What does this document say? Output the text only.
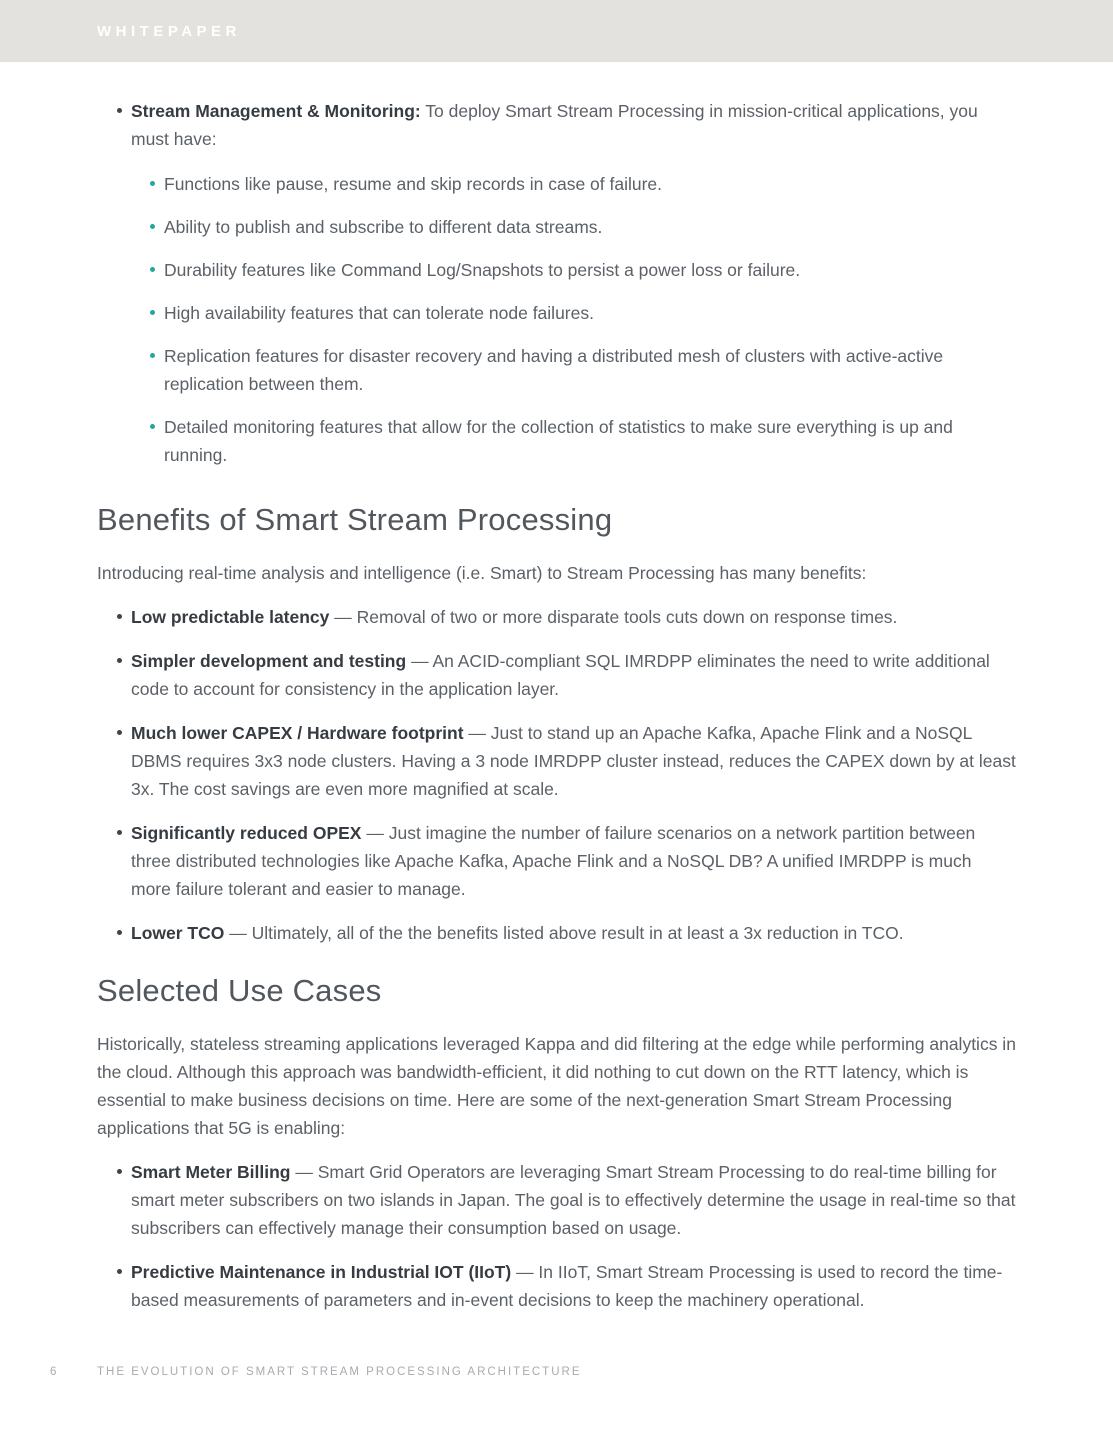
WHITEPAPER

Stream Management & Monitoring: To deploy Smart Stream Processing in mission-critical applications, you must have:

Functions like pause, resume and skip records in case of failure.
Ability to publish and subscribe to different data streams.
Durability features like Command Log/Snapshots to persist a power loss or failure.
High availability features that can tolerate node failures.
Replication features for disaster recovery and having a distributed mesh of clusters with active-active replication between them.
Detailed monitoring features that allow for the collection of statistics to make sure everything is up and running.
Benefits of Smart Stream Processing

Introducing real-time analysis and intelligence (i.e. Smart) to Stream Processing has many benefits:

Low predictable latency — Removal of two or more disparate tools cuts down on response times.
Simpler development and testing — An ACID-compliant SQL IMRDPP eliminates the need to write additional code to account for consistency in the application layer.
Much lower CAPEX / Hardware footprint — Just to stand up an Apache Kafka, Apache Flink and a NoSQL DBMS requires 3x3 node clusters. Having a 3 node IMRDPP cluster instead, reduces the CAPEX down by at least 3x. The cost savings are even more magnified at scale.
Significantly reduced OPEX — Just imagine the number of failure scenarios on a network partition between three distributed technologies like Apache Kafka, Apache Flink and a NoSQL DB? A unified IMRDPP is much more failure tolerant and easier to manage.
Lower TCO — Ultimately, all of the the benefits listed above result in at least a 3x reduction in TCO.
Selected Use Cases

Historically, stateless streaming applications leveraged Kappa and did filtering at the edge while performing analytics in the cloud. Although this approach was bandwidth-efficient, it did nothing to cut down on the RTT latency, which is essential to make business decisions on time. Here are some of the next-generation Smart Stream Processing applications that 5G is enabling:

Smart Meter Billing — Smart Grid Operators are leveraging Smart Stream Processing to do real-time billing for smart meter subscribers on two islands in Japan. The goal is to effectively determine the usage in real-time so that subscribers can effectively manage their consumption based on usage.
Predictive Maintenance in Industrial IOT (IIoT) — In IIoT, Smart Stream Processing is used to record the time-based measurements of parameters and in-event decisions to keep the machinery operational.
6	THE EVOLUTION OF SMART STREAM PROCESSING ARCHITECTURE
